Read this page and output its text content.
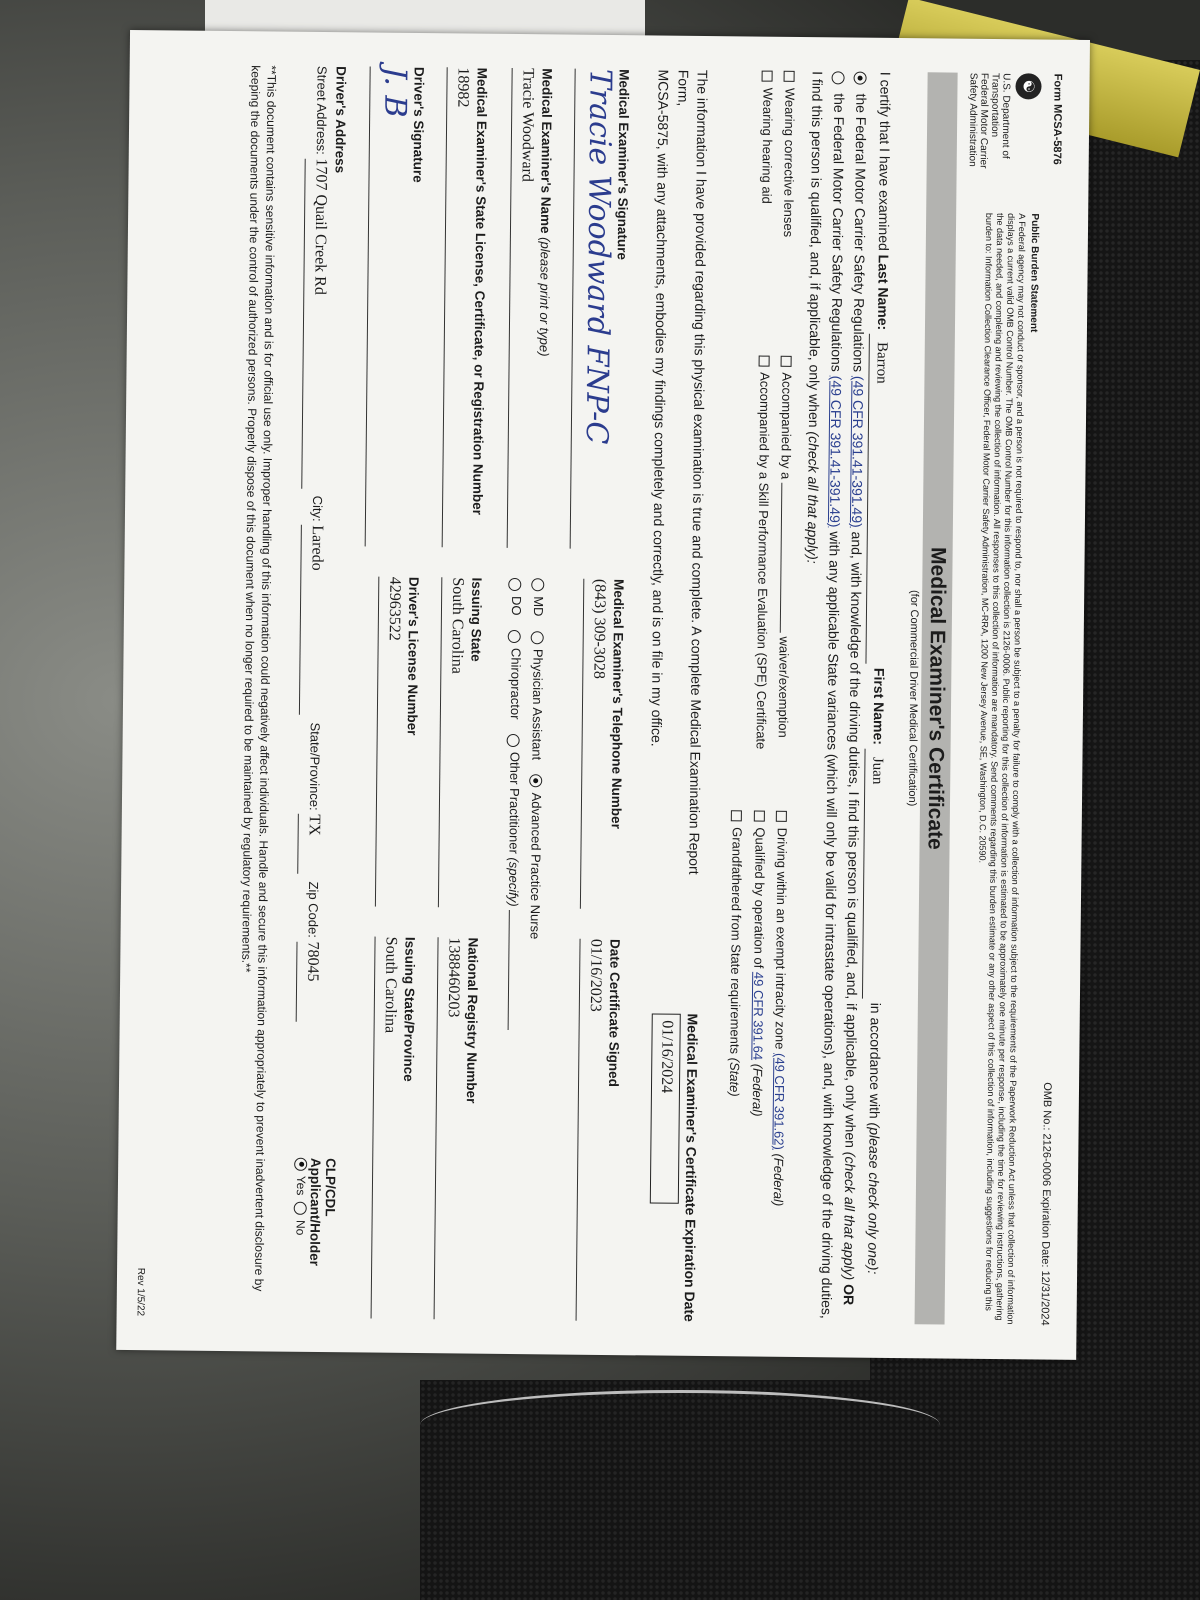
Form MCSA-5876
OMB No.: 2126-0006 Expiration Date: 12/31/2024
☯
U.S. Department of Transportation
Federal Motor Carrier
Safety Administration
Public Burden Statement
A Federal agency may not conduct or sponsor, and a person is not required to respond to, nor shall a person be subject to a penalty for failure to comply with a collection of information subject to the requirements of the Paperwork Reduction Act unless that collection of information displays a current valid OMB Control Number. The OMB Control Number for this information collection is 2126-0006. Public reporting for this collection of information is estimated to be approximately one minute per response, including the time for reviewing instructions, gathering the data needed, and completing and reviewing the collection of information. All responses to this collection of information are mandatory. Send comments regarding this burden estimate or any other aspect of this collection of information, including suggestions for reducing this burden to: Information Collection Clearance Officer, Federal Motor Carrier Safety Administration, MC-RRA, 1200 New Jersey Avenue, SE, Washington, D.C. 20590.
Medical Examiner's Certificate
(for Commercial Driver Medical Certification)
I certify that I have examined Last Name: Barron First Name: Juan in accordance with (please check only one):
the Federal Motor Carrier Safety Regulations (49 CFR 391.41-391.49) and, with knowledge of the driving duties, I find this person is qualified, and, if applicable, only when (check all that apply) OR
the Federal Motor Carrier Safety Regulations (49 CFR 391.41-391.49) with any applicable State variances (which will only be valid for intrastate operations), and, with knowledge of the driving duties, I find this person is qualified, and, if applicable, only when (check all that apply):
Wearing corrective lenses
Wearing hearing aid
Accompanied by a  waiver/exemption
Accompanied by a Skill Performance Evaluation (SPE) Certificate
Driving within an exempt intracity zone (49 CFR 391.62) (Federal)
Qualified by operation of 49 CFR 391.64 (Federal)
Grandfathered from State requirements (State)
The information I have provided regarding this physical examination is true and complete. A complete Medical Examination Report Form,
MCSA-5875, with any attachments, embodies my findings completely and correctly, and is on file in my office.
Medical Examiner's Certificate Expiration Date
01/16/2024
Medical Examiner's Signature
Tracie Woodward FNP-C
Medical Examiner's Telephone Number
(843) 309-3028
Date Certificate Signed
01/16/2023
Medical Examiner's Name (please print or type)
Tracie Woodward
MD    Physician Assistant    Advanced Practice Nurse
DO    Chiropractor    Other Practitioner (specify)
Medical Examiner's State License, Certificate, or Registration Number
18982
Issuing State
South Carolina
National Registry Number
1388460203
Driver's Signature
J. B
Driver's License Number
42963522
Issuing State/Province
South Carolina
Driver's Address
Street Address: 1707 Quail Creek Rd  City: Laredo  State/Province: TX  Zip Code: 78045
CLP/CDL Applicant/Holder
Yes  No
**This document contains sensitive information and is for official use only. Improper handling of this information could negatively affect individuals. Handle and secure this information appropriately to prevent inadvertent disclosure by keeping the documents under the control of authorized persons. Properly dispose of this document when no longer required to be maintained by regulatory requirements.**
Rev 1/5/22
